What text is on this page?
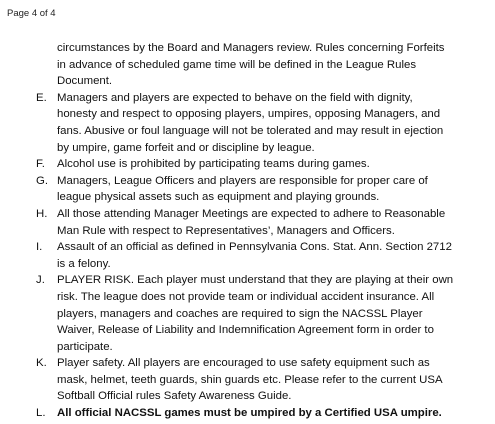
Page 4 of 4
circumstances by the Board and Managers review. Rules concerning Forfeits in advance of scheduled game time will be defined in the League Rules Document.
E. Managers and players are expected to behave on the field with dignity, honesty and respect to opposing players, umpires, opposing Managers, and fans. Abusive or foul language will not be tolerated and may result in ejection by umpire, game forfeit and or discipline by league.
F. Alcohol use is prohibited by participating teams during games.
G. Managers, League Officers and players are responsible for proper care of league physical assets such as equipment and playing grounds.
H. All those attending Manager Meetings are expected to adhere to Reasonable Man Rule with respect to Representatives’, Managers and Officers.
I. Assault of an official as defined in Pennsylvania Cons. Stat. Ann. Section 2712 is a felony.
J. PLAYER RISK. Each player must understand that they are playing at their own risk. The league does not provide team or individual accident insurance. All players, managers and coaches are required to sign the NACSSL Player Waiver, Release of Liability and Indemnification Agreement form in order to participate.
K. Player safety. All players are encouraged to use safety equipment such as mask, helmet, teeth guards, shin guards etc. Please refer to the current USA Softball Official rules Safety Awareness Guide.
L. All official NACSSL games must be umpired by a Certified USA umpire.
